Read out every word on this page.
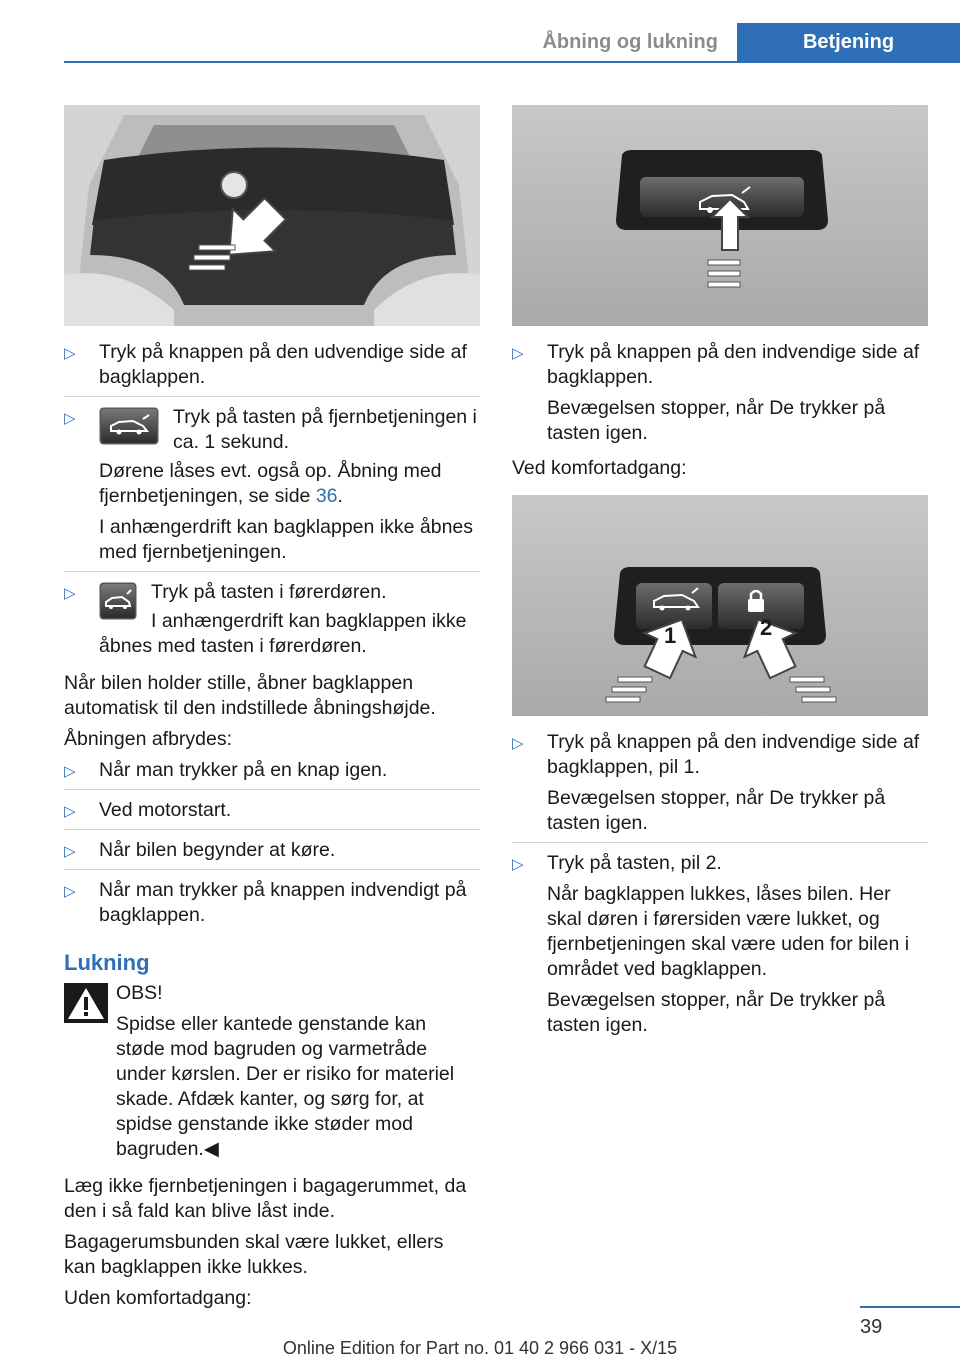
Åbning og lukning	Betjening
▷ Tryk på knappen på den udvendige side af bagklappen.
▷	Tryk på tasten på fjernbetjeningen i ca. 1 sekund.

Dørene låses evt. også op. Åbning med fjernbetjeningen, se side 36.

I anhængerdrift kan bagklappen ikke åbnes med fjernbetjeningen.

▷	Tryk på tasten i førerdøren.

I anhængerdrift kan bagklappen ikke åbnes med tasten i førerdøren.

Når bilen holder stille, åbner bagklappen automatisk til den indstillede åbningshøjde.

Åbningen afbrydes:

▷ Når man trykker på en knap igen.
▷ Ved motorstart.
▷ Når bilen begynder at køre.
▷ Når man trykker på knappen indvendigt på bagklappen.
Lukning
OBS!

Spidse eller kantede genstande kan støde mod bagruden og varmetråde under kørslen. Der er risiko for materiel skade. Afdæk kanter, og sørg for, at spidse genstande ikke støder mod bagruden.◀

Læg ikke fjernbetjeningen i bagagerummet, da den i så fald kan blive låst inde.

Bagagerumsbunden skal være lukket, ellers kan bagklappen ikke lukkes.

Uden komfortadgang:

▷ Tryk på knappen på den indvendige side af bagklappen.

Bevægelsen stopper, når De trykker på tasten igen.

Ved komfortadgang:

1	2
▷ Tryk på knappen på den indvendige side af bagklappen, pil 1.

Bevægelsen stopper, når De trykker på tasten igen.

▷ Tryk på tasten, pil 2.

Når bagklappen lukkes, låses bilen. Her skal døren i førersiden være lukket, og fjernbetjeningen skal være uden for bilen i området ved bagklappen.

Bevægelsen stopper, når De trykker på tasten igen.

39
Online Edition for Part no. 01 40 2 966 031 - X/15
